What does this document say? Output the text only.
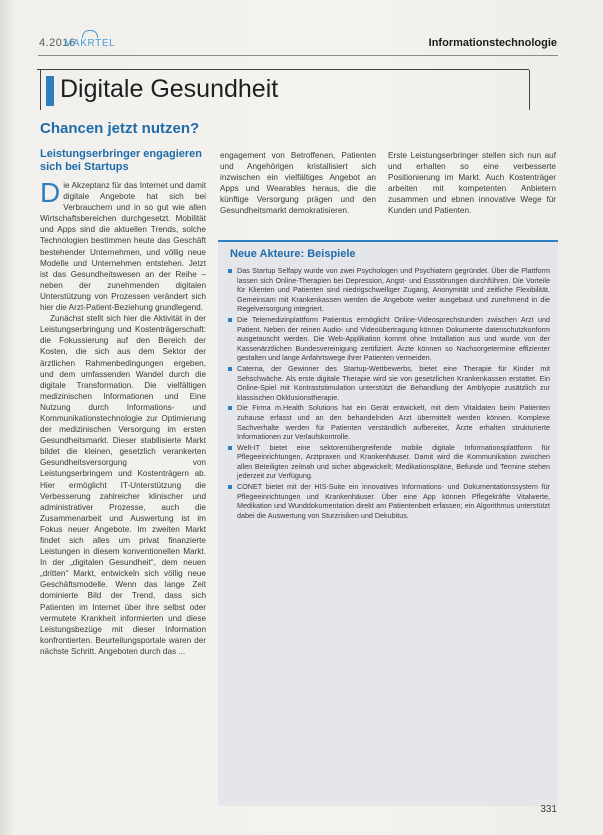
4.2016
MAKRTEL	Informationstechnologie
Digitale Gesundheit
Chancen jetzt nutzen?
Leistungserbringer engagieren sich bei Startups

Die Akzeptanz für das Internet und damit digitale Angebote hat sich bei Verbrauchern und in so gut wie allen Wirtschaftsbereichen durchgesetzt. Mobilität und Apps sind die aktuellen Trends, solche Technologien bestimmen heute das Geschäft bestehender Unternehmen, und völlig neue Modelle und Unternehmen entstehen. Jetzt ist das Gesundheitswesen an der Reihe – neben der zunehmenden digitalen Unterstützung von Prozessen verändert sich hier die Arzt-Patient-Beziehung grundlegend.

Zunächst stellt sich hier die Aktivität in der Leistungserbringung und Kostenträgerschaft: die Fokussierung auf den Bereich der Kosten, die sich aus dem Sektor der ärztlichen Rahmenbedingungen ergeben, und dem umfassenden Wandel durch die digitale Transformation. Die vielfältigen medizinischen Informationen und Eine Nutzung durch Informations- und Kommunikationstechnologie zur Optimierung der medizinischen Versorgung im ersten Gesundheitsmarkt. Dieser stabilisierte Markt bildet die kleinen, gesetzlich verankerten Gesundheitsversorgung von Leistungserbringern und Kostenträgern ab. Hier ermöglicht IT-Unterstützung die Verbesserung zahlreicher klinischer und administrativer Prozesse, auch die Zusammenarbeit und Auswertung ist im Fokus neuer Angebote. Im zweiten Markt findet sich alles um privat finanzierte Leistungen in diesem konventionellen Markt. In der „digitalen Gesundheit“, dem neuen „dritten“ Markt, entwickeln sich völlig neue Geschäftsmodelle. Wenn das lange Zeit dominierte Bild der Trend, dass sich Patienten im Internet über ihre selbst oder vermutete Krankheit informierten und diese Leistungsbezüge mit dieser Information konfrontierten. Beurteilungsportale waren der nächste Schritt. Angeboten durch das ...

engagement von Betroffenen, Patienten und Angehörigen kristallisiert sich inzwischen ein vielfältiges Angebot an Apps und Wearables heraus, die die künftige Versorgung prägen und den Gesundheitsmarkt demokratisieren.

Erste Leistungserbringer stellen sich nun auf und erhalten so eine verbesserte Positionierung im Markt. Auch Kostenträger arbeiten mit kompetenten Anbietern zusammen und ebnen innovative Wege für Kunden und Patienten.

Neue Akteure: Beispiele
Das Startup Selfapy wurde von zwei Psychologen und Psychiatern gegründet. Über die Plattform lassen sich Online-Therapien bei Depression, Angst- und Essstörungen durchführen. Die Vorteile für Klienten und Patienten sind niedrigschwelliger Zugang, Anonymität und zeitliche Flexibilität. Gemeinsam mit Krankenkassen werden die Angebote weiter ausgebaut und zunehmend in die Regelversorgung integriert.
Die Telemedizinplattform Patientus ermöglicht Online-Videosprechstunden zwischen Arzt und Patient. Neben der reinen Audio- und Videoübertragung können Dokumente datenschutzkonform ausgetauscht werden. Die Web-Applikation kommt ohne Installation aus und wurde von der Kassenärztlichen Bundesvereinigung zertifiziert. Ärzte können so Nachsorgetermine effizienter gestalten und lange Anfahrtswege ihrer Patienten vermeiden.
Caterna, der Gewinner des Startup-Wettbewerbs, bietet eine Therapie für Kinder mit Sehschwäche. Als erste digitale Therapie wird sie von gesetzlichen Krankenkassen erstattet. Ein Online-Spiel mit Kontraststimulation unterstützt die Behandlung der Amblyopie zusätzlich zur klassischen Okklusionstherapie.
Die Firma m.Health Solutions hat ein Gerät entwickelt, mit dem Vitaldaten beim Patienten zuhause erfasst und an den behandelnden Arzt übermittelt werden können. Komplexe Sachverhalte werden für Patienten verständlich aufbereitet, Ärzte erhalten strukturierte Informationen zur Verlaufskontrolle.
Welt-IT bietet eine sektorenübergreifende mobile digitale Informationsplattform für Pflegeeinrichtungen, Arztpraxen und Krankenhäuser. Damit wird die Kommunikation zwischen allen Beteiligten zeitnah und sicher abgewickelt; Medikationspläne, Befunde und Termine stehen jederzeit zur Verfügung.
CONET bietet mit der HIS-Suite ein innovatives Informations- und Dokumentationssystem für Pflegeeinrichtungen und Krankenhäuser. Über eine App können Pflegekräfte Vitalwerte, Medikation und Wunddokumentation direkt am Patientenbett erfassen; ein Algorithmus unterstützt dabei die Auswertung von Sturzrisiken und Dekubitus.
331
